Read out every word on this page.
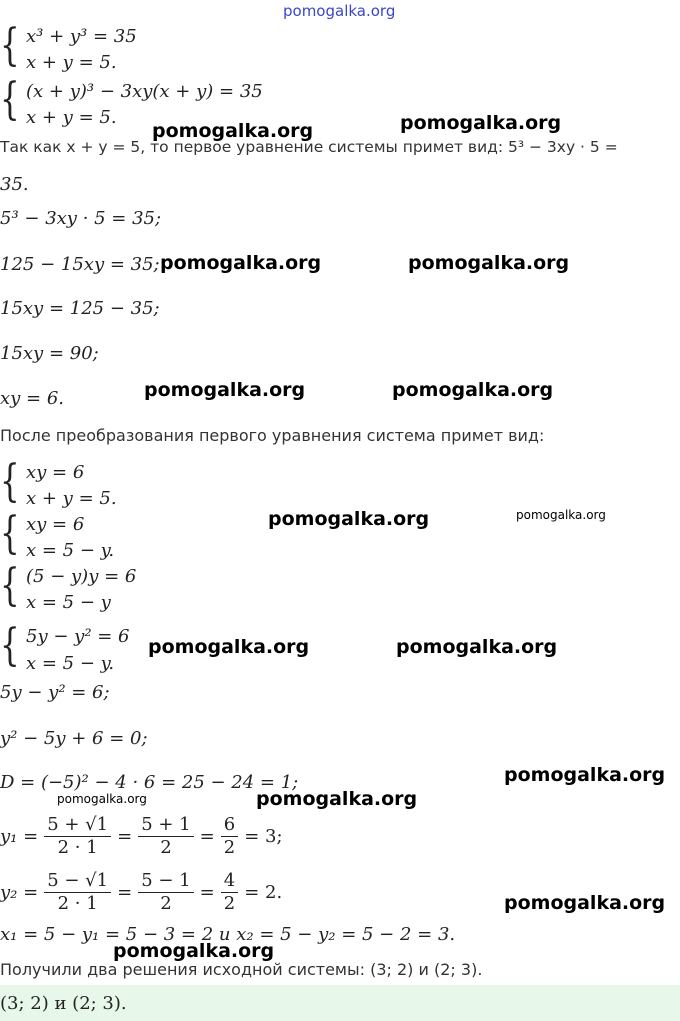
pomogalka.org
{ x³ + y³ = 35
x + y = 5.
{ (x + y)³ − 3xy(x + y) = 35
x + y = 5.
pomogalka.org	pomogalka.org
Так как x + y = 5, то первое уравнение системы примет вид: 5³ − 3xy · 5 =
35.
5³ − 3xy · 5 = 35;
125 − 15xy = 35; pomogalka.org	pomogalka.org
15xy = 125 − 35;
15xy = 90;
xy = 6.	pomogalka.org	pomogalka.org
После преобразования первого уравнения система примет вид:
{ xy = 6
x + y = 5.
{ xy = 6
x = 5 − y.
pomogalka.org	pomogalka.org
{ (5 − y)y = 6
x = 5 − y
{ 5y − y² = 6
x = 5 − y.
pomogalka.org	pomogalka.org
5y − y² = 6;
y² − 5y + 6 = 0;
D = (−5)² − 4 · 6 = 25 − 24 = 1;	pomogalka.org
pomogalka.org	pomogalka.org
$y_1 = \frac{5 + √1}{2 \cdot 1} = \frac{5 + 1}{2} = \frac{6}{2} = 3$;
$y_2 = \frac{5 - √1}{2 \cdot 1} = \frac{5 - 1}{2} = \frac{4}{2} = 2$.	pomogalka.org
x₁ = 5 − y₁ = 5 − 3 = 2 и x₂ = 5 − y₂ = 5 − 2 = 3.
pomogalka.org
Получили два решения исходной системы: (3; 2) и (2; 3).
(3; 2) и (2; 3).
